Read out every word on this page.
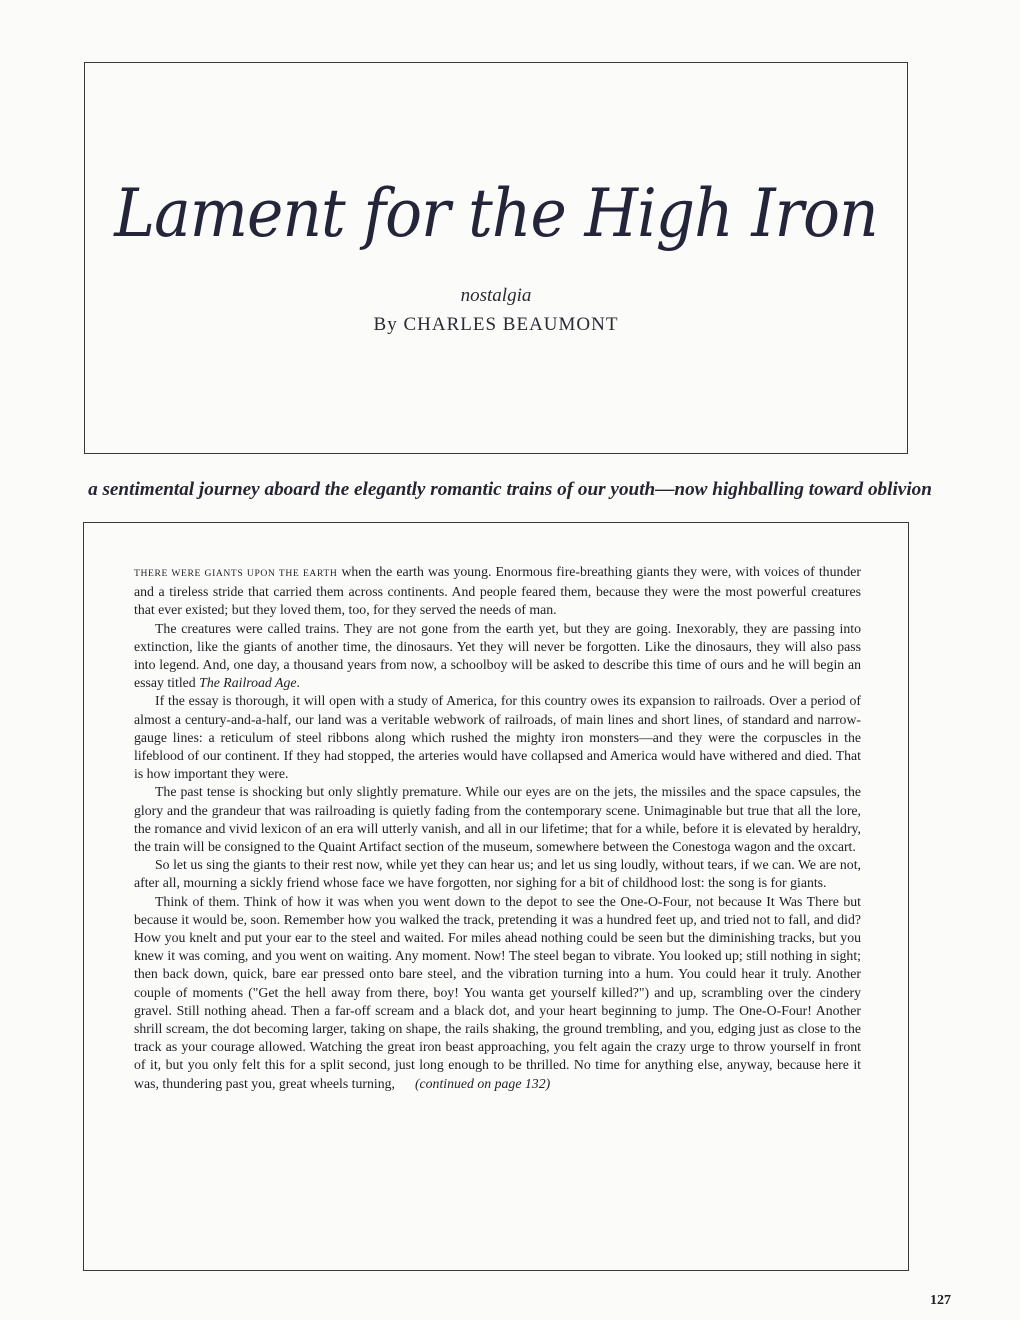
Lament for the High Iron
nostalgia
By CHARLES BEAUMONT
a sentimental journey aboard the elegantly romantic trains of our youth—now highballing toward oblivion

THERE WERE GIANTS UPON THE EARTH when the earth was young. Enormous fire-breathing giants they were, with voices of thunder and a tireless stride that carried them across continents. And people feared them, because they were the most powerful creatures that ever existed; but they loved them, too, for they served the needs of man.

The creatures were called trains. They are not gone from the earth yet, but they are going. Inexorably, they are passing into extinction, like the giants of another time, the dinosaurs. Yet they will never be forgotten. Like the dinosaurs, they will also pass into legend. And, one day, a thousand years from now, a schoolboy will be asked to describe this time of ours and he will begin an essay titled The Railroad Age.

If the essay is thorough, it will open with a study of America, for this country owes its expansion to railroads. Over a period of almost a century-and-a-half, our land was a veritable webwork of railroads, of main lines and short lines, of standard and narrow-gauge lines: a reticulum of steel ribbons along which rushed the mighty iron monsters—and they were the corpuscles in the lifeblood of our continent. If they had stopped, the arteries would have collapsed and America would have withered and died. That is how important they were.

The past tense is shocking but only slightly premature. While our eyes are on the jets, the missiles and the space capsules, the glory and the grandeur that was railroading is quietly fading from the contemporary scene. Unimaginable but true that all the lore, the romance and vivid lexicon of an era will utterly vanish, and all in our lifetime; that for a while, before it is elevated by heraldry, the train will be consigned to the Quaint Artifact section of the museum, somewhere between the Conestoga wagon and the oxcart.

So let us sing the giants to their rest now, while yet they can hear us; and let us sing loudly, without tears, if we can. We are not, after all, mourning a sickly friend whose face we have forgotten, nor sighing for a bit of childhood lost: the song is for giants.

Think of them. Think of how it was when you went down to the depot to see the One-O-Four, not because It Was There but because it would be, soon. Remember how you walked the track, pretending it was a hundred feet up, and tried not to fall, and did? How you knelt and put your ear to the steel and waited. For miles ahead nothing could be seen but the diminishing tracks, but you knew it was coming, and you went on waiting. Any moment. Now! The steel began to vibrate. You looked up; still nothing in sight; then back down, quick, bare ear pressed onto bare steel, and the vibration turning into a hum. You could hear it truly. Another couple of moments ("Get the hell away from there, boy! You wanta get yourself killed?") and up, scrambling over the cindery gravel. Still nothing ahead. Then a far-off scream and a black dot, and your heart beginning to jump. The One-O-Four! Another shrill scream, the dot becoming larger, taking on shape, the rails shaking, the ground trembling, and you, edging just as close to the track as your courage allowed. Watching the great iron beast approaching, you felt again the crazy urge to throw yourself in front of it, but you only felt this for a split second, just long enough to be thrilled. No time for anything else, anyway, because here it was, thundering past you, great wheels turning, (continued on page 132)

127
